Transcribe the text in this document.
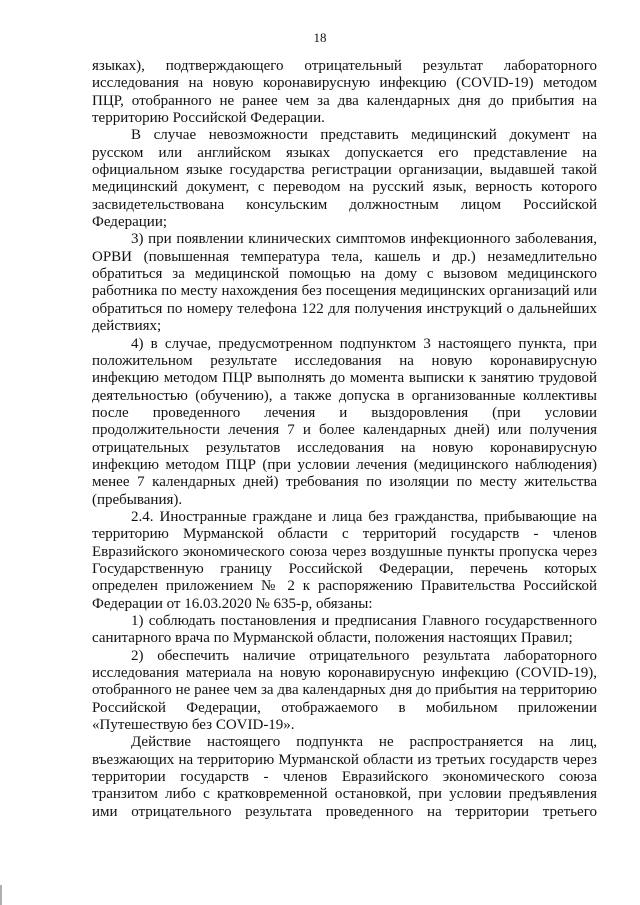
18

языках), подтверждающего отрицательный результат лабораторного исследования на новую коронавирусную инфекцию (COVID-19) методом ПЦР, отобранного не ранее чем за два календарных дня до прибытия на территорию Российской Федерации.

В случае невозможности представить медицинский документ на русском или английском языках допускается его представление на официальном языке государства регистрации организации, выдавшей такой медицинский документ, с переводом на русский язык, верность которого засвидетельствована консульским должностным лицом Российской Федерации;

3) при появлении клинических симптомов инфекционного заболевания, ОРВИ (повышенная температура тела, кашель и др.) незамедлительно обратиться за медицинской помощью на дому с вызовом медицинского работника по месту нахождения без посещения медицинских организаций или обратиться по номеру телефона 122 для получения инструкций о дальнейших действиях;

4) в случае, предусмотренном подпунктом 3 настоящего пункта, при положительном результате исследования на новую коронавирусную инфекцию методом ПЦР выполнять до момента выписки к занятию трудовой деятельностью (обучению), а также допуска в организованные коллективы после проведенного лечения и выздоровления (при условии продолжительности лечения 7 и более календарных дней) или получения отрицательных результатов исследования на новую коронавирусную инфекцию методом ПЦР (при условии лечения (медицинского наблюдения) менее 7 календарных дней) требования по изоляции по месту жительства (пребывания).

2.4. Иностранные граждане и лица без гражданства, прибывающие на территорию Мурманской области с территорий государств - членов Евразийского экономического союза через воздушные пункты пропуска через Государственную границу Российской Федерации, перечень которых определен приложением № 2 к распоряжению Правительства Российской Федерации от 16.03.2020 № 635-р, обязаны:

1) соблюдать постановления и предписания Главного государственного санитарного врача по Мурманской области, положения настоящих Правил;

2) обеспечить наличие отрицательного результата лабораторного исследования материала на новую коронавирусную инфекцию (COVID-19), отобранного не ранее чем за два календарных дня до прибытия на территорию Российской Федерации, отображаемого в мобильном приложении «Путешествую без COVID-19».

Действие настоящего подпункта не распространяется на лиц, въезжающих на территорию Мурманской области из третьих государств через территории государств - членов Евразийского экономического союза транзитом либо с кратковременной остановкой, при условии предъявления ими отрицательного результата проведенного на территории третьего
